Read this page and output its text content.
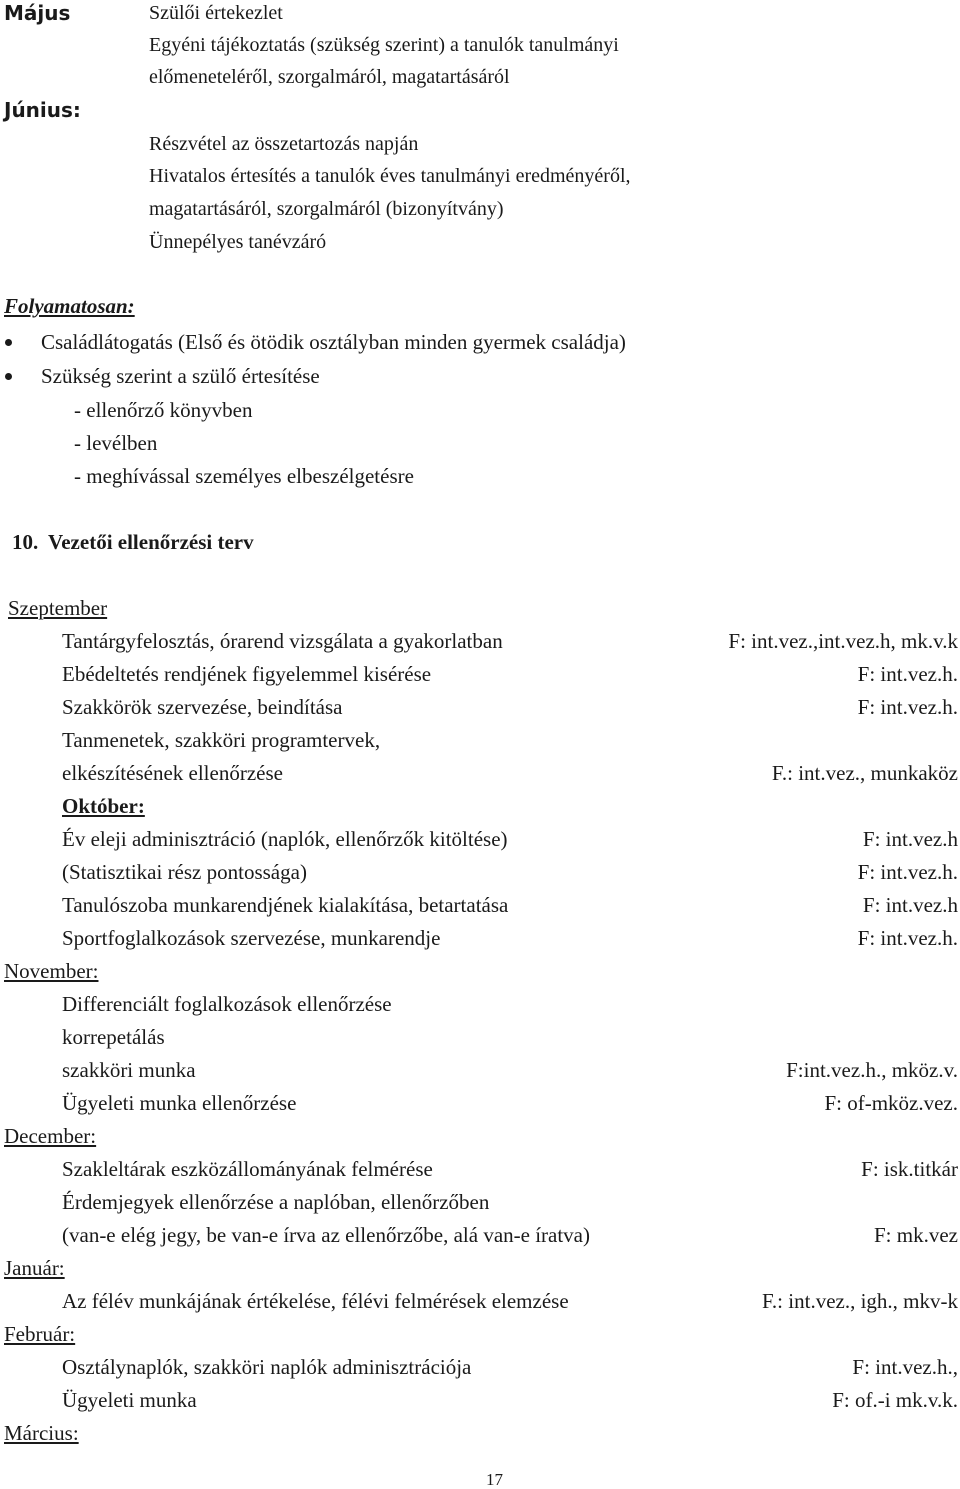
Május	Szülői értekezlet
Egyéni tájékoztatás (szükség szerint) a tanulók tanulmányi
előmeneteléről, szorgalmáról, magatartásáról
Június:
Részvétel az összetartozás napján
Hivatalos értesítés a tanulók éves tanulmányi eredményéről,
magatartásáról, szorgalmáról (bizonyítvány)
Ünnepélyes tanévzáró
Folyamatosan:
Családlátogatás (Első és ötödik osztályban minden gyermek családja)
Szükség szerint a szülő értesítése
- ellenőrző könyvben
- levélben
- meghívással személyes elbeszélgetésre
10. Vezetői ellenőrzési terv
Szeptember
Tantárgyfelosztás, órarend vizsgálata a gyakorlatban	F: int.vez.,int.vez.h, mk.v.k
Ebédeltetés rendjének figyelemmel kisérése	F: int.vez.h.
Szakkörök szervezése, beindítása	F: int.vez.h.
Tanmenetek, szakköri programtervek,
elkészítésének ellenőrzése	F.: int.vez., munkaköz
Október:
Év eleji adminisztráció (naplók, ellenőrzők kitöltése)	F: int.vez.h
(Statisztikai rész pontossága)	F: int.vez.h.
Tanulószoba munkarendjének kialakítása, betartatása	F: int.vez.h
Sportfoglalkozások szervezése, munkarendje	F: int.vez.h.
November:
Differenciált foglalkozások ellenőrzése
korrepetálás
szakköri munka	F:int.vez.h., mköz.v.
Ügyeleti munka ellenőrzése	F: of-mköz.vez.
December:
Szakleltárak eszközállományának felmérése	F: isk.titkár
Érdemjegyek ellenőrzése a naplóban, ellenőrzőben
(van-e elég jegy, be van-e írva az ellenőrzőbe, alá van-e íratva)	F: mk.vez
Január:
Az félév munkájának értékelése, félévi felmérések elemzése	F.: int.vez., igh., mkv-k
Február:
Osztálynaplók, szakköri naplók adminisztrációja	F: int.vez.h.,
Ügyeleti munka	F: of.-i mk.v.k.
Március:
17
